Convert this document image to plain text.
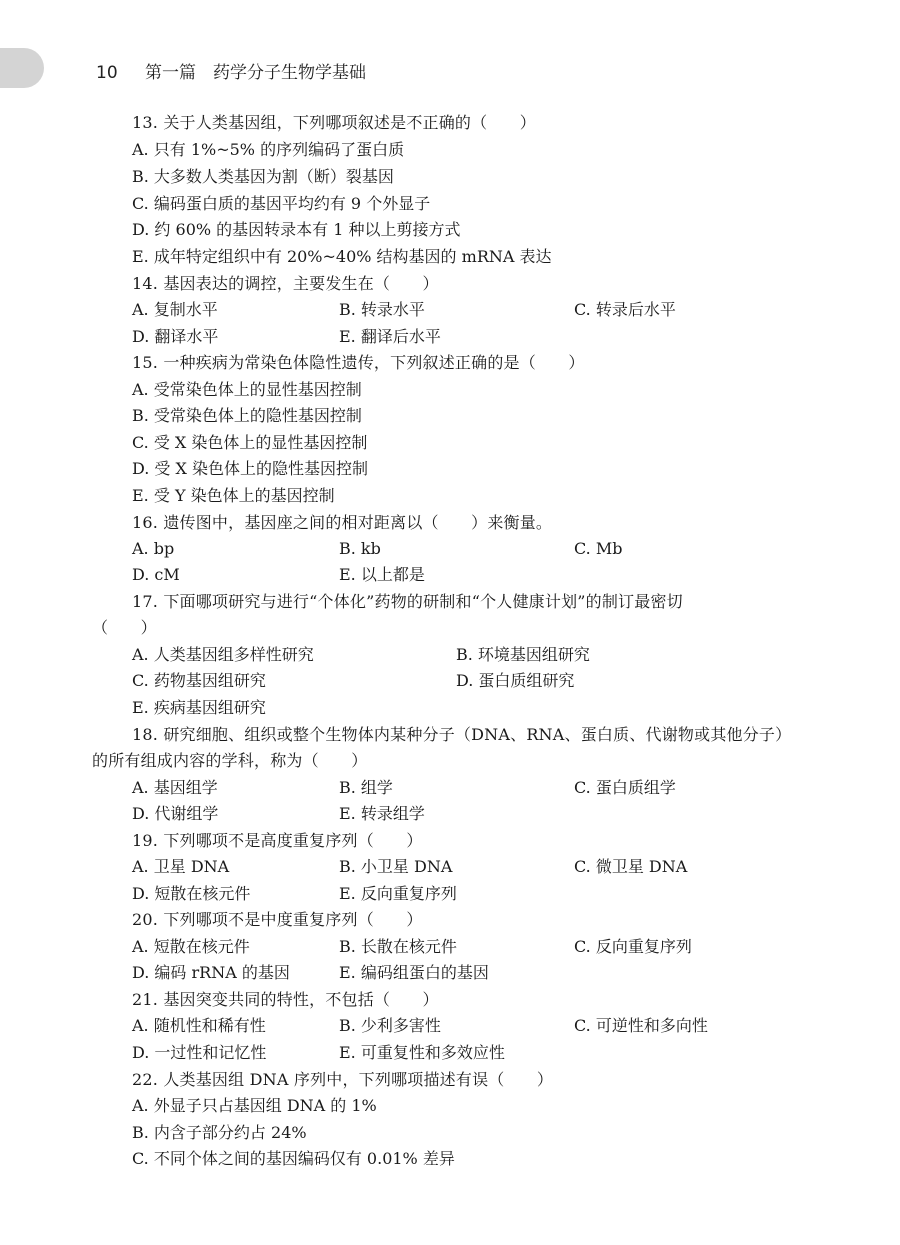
10 第一篇　药学分子生物学基础
13. 关于人类基因组，下列哪项叙述是不正确的（　　）
A. 只有 1%~5% 的序列编码了蛋白质
B. 大多数人类基因为割（断）裂基因
C. 编码蛋白质的基因平均约有 9 个外显子
D. 约 60% 的基因转录本有 1 种以上剪接方式
E. 成年特定组织中有 20%~40% 结构基因的 mRNA 表达
14. 基因表达的调控，主要发生在（　　）
A. 复制水平	B. 转录水平	C. 转录后水平
D. 翻译水平	E. 翻译后水平
15. 一种疾病为常染色体隐性遗传，下列叙述正确的是（　　）
A. 受常染色体上的显性基因控制
B. 受常染色体上的隐性基因控制
C. 受 X 染色体上的显性基因控制
D. 受 X 染色体上的隐性基因控制
E. 受 Y 染色体上的基因控制
16. 遗传图中，基因座之间的相对距离以（　　）来衡量。
A. bp	B. kb	C. Mb
D. cM	E. 以上都是
17. 下面哪项研究与进行“个体化”药物的研制和“个人健康计划”的制订最密切
（　　）
A. 人类基因组多样性研究	B. 环境基因组研究
C. 药物基因组研究	D. 蛋白质组研究
E. 疾病基因组研究
18. 研究细胞、组织或整个生物体内某种分子（DNA、RNA、蛋白质、代谢物或其他分子）
的所有组成内容的学科，称为（　　）
A. 基因组学	B. 组学	C. 蛋白质组学
D. 代谢组学	E. 转录组学
19. 下列哪项不是高度重复序列（　　）
A. 卫星 DNA	B. 小卫星 DNA	C. 微卫星 DNA
D. 短散在核元件	E. 反向重复序列
20. 下列哪项不是中度重复序列（　　）
A. 短散在核元件	B. 长散在核元件	C. 反向重复序列
D. 编码 rRNA 的基因	E. 编码组蛋白的基因
21. 基因突变共同的特性，不包括（　　）
A. 随机性和稀有性	B. 少利多害性	C. 可逆性和多向性
D. 一过性和记忆性	E. 可重复性和多效应性
22. 人类基因组 DNA 序列中，下列哪项描述有误（　　）
A. 外显子只占基因组 DNA 的 1%
B. 内含子部分约占 24%
C. 不同个体之间的基因编码仅有 0.01% 差异
